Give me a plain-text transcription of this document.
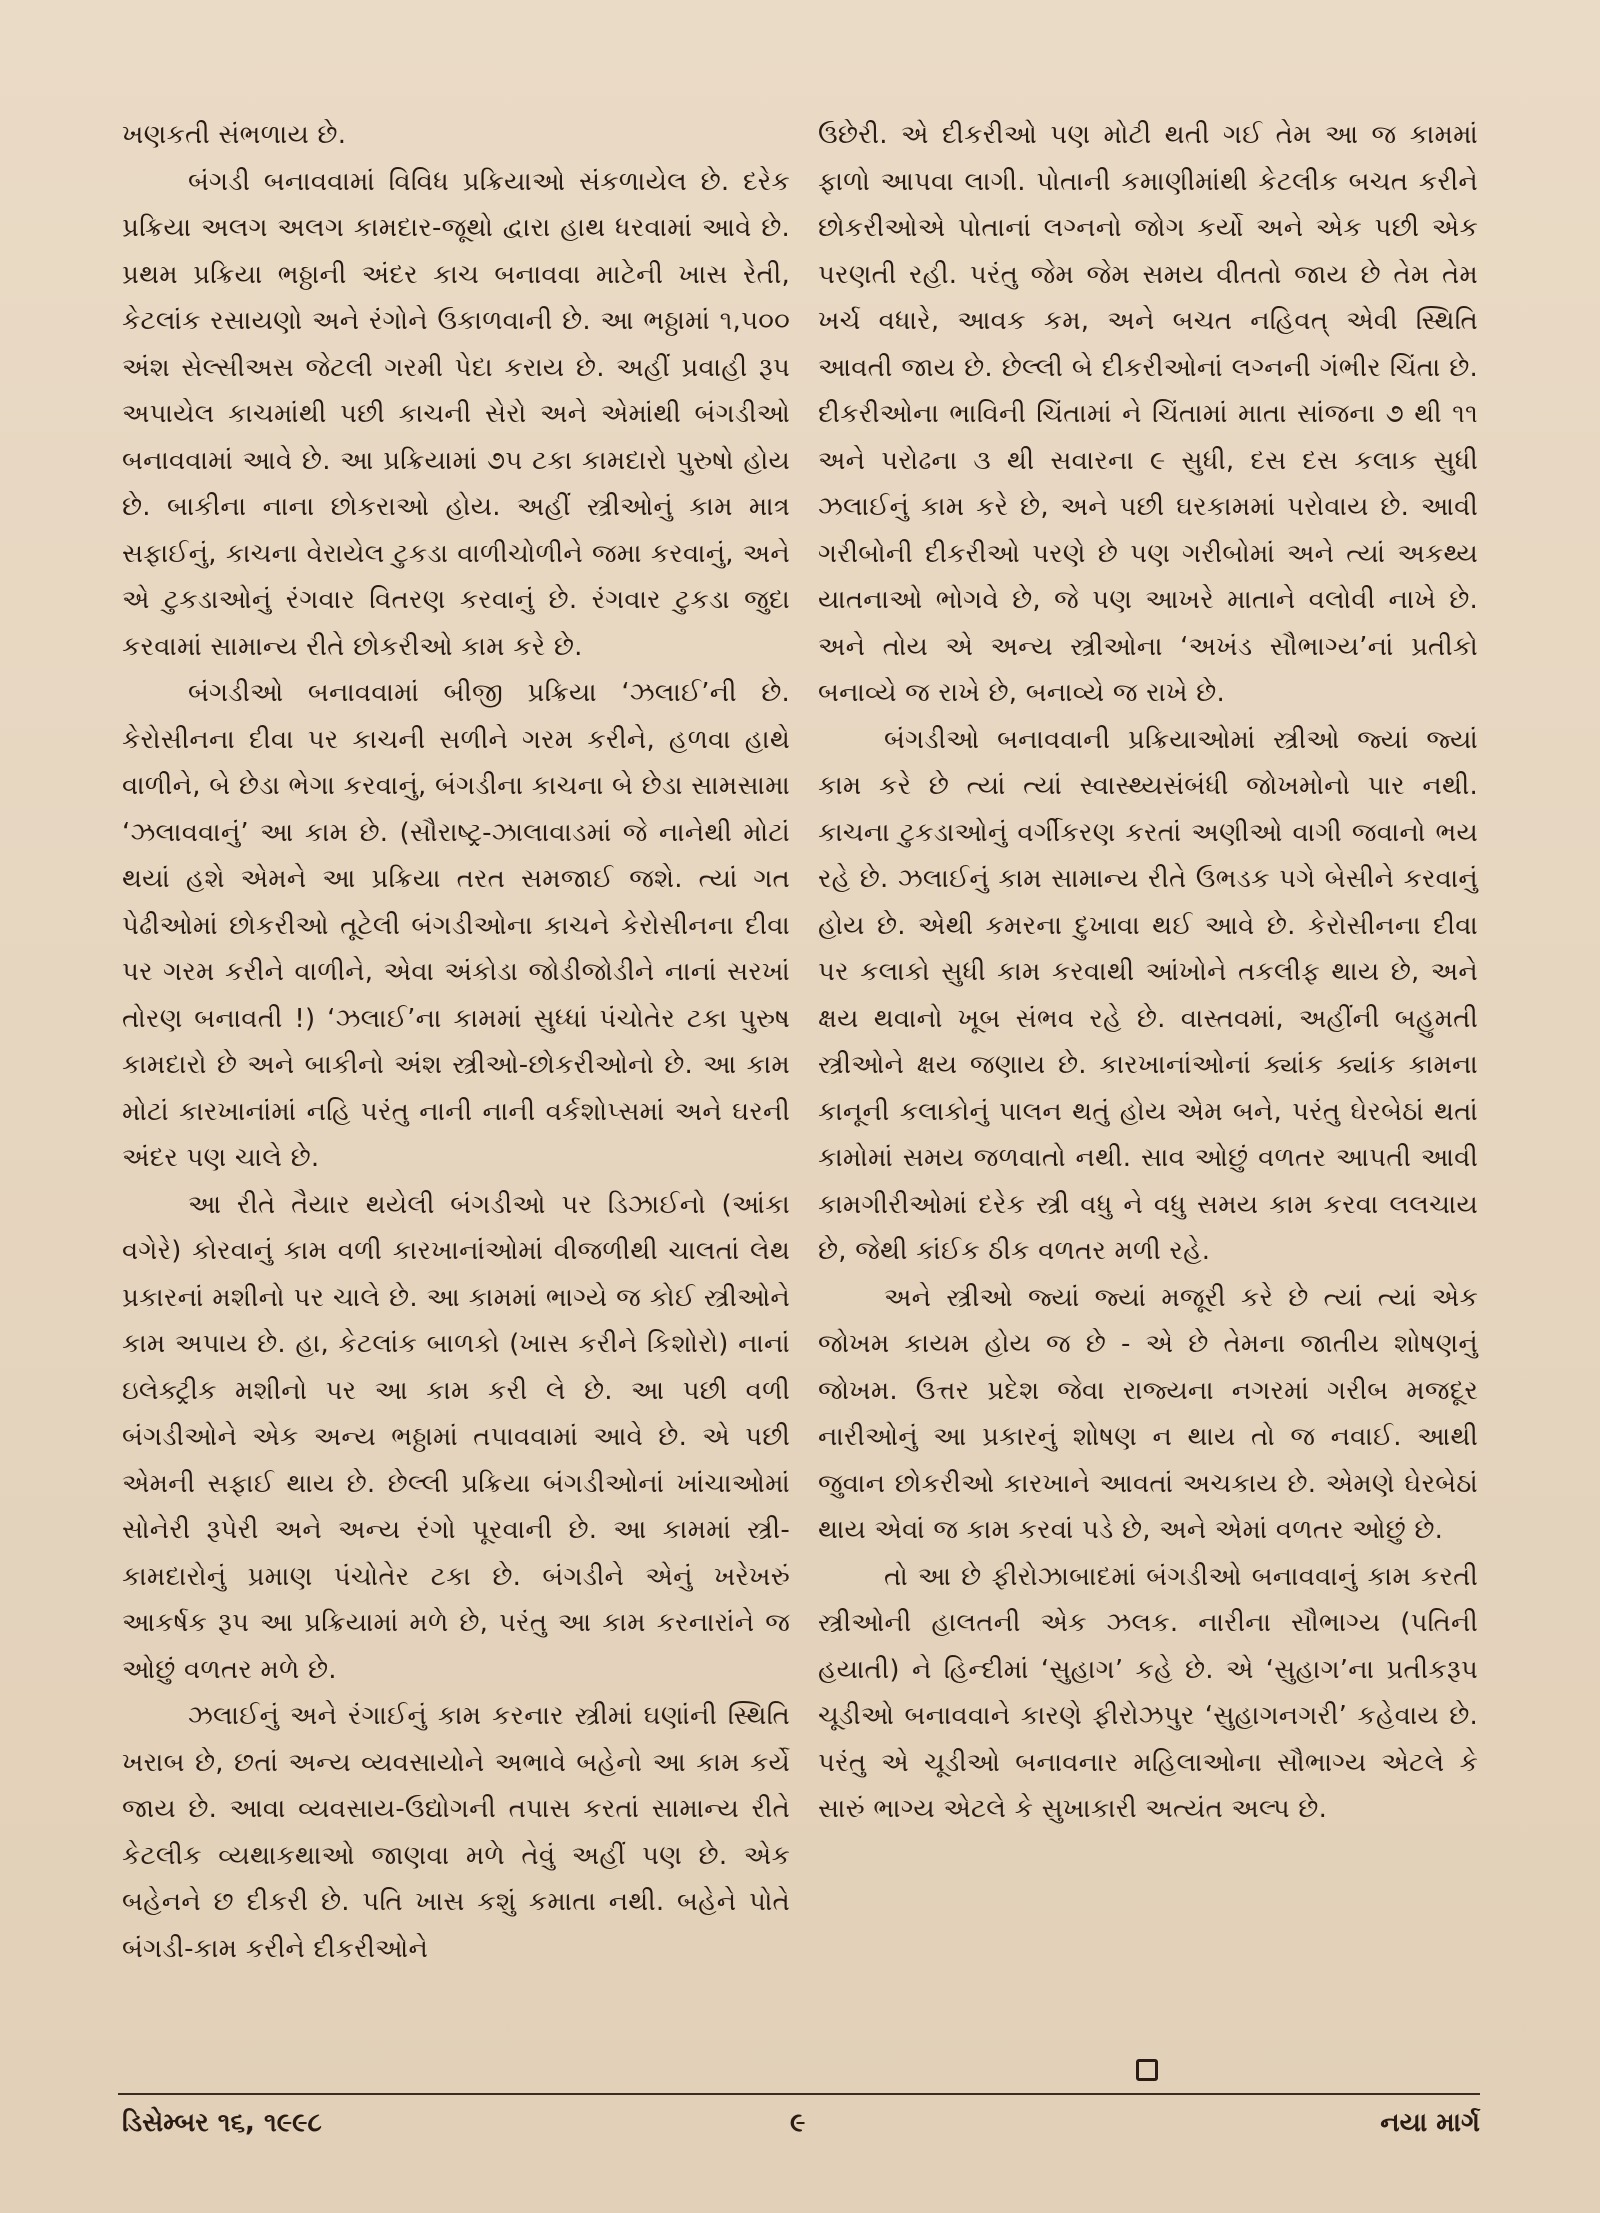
ખણકતી સંભળાય છે.

બંગડી બનાવવામાં વિવિધ પ્રક્રિયાઓ સંકળાયેલ છે. દરેક પ્રક્રિયા અલગ અલગ કામદાર-જૂથો દ્વારા હાથ ધરવામાં આવે છે. પ્રથમ પ્રક્રિયા ભઠ્ઠાની અંદર કાચ બનાવવા માટેની ખાસ રેતી, કેટલાંક રસાયણો અને રંગોને ઉકાળવાની છે. આ ભઠ્ઠામાં ૧,૫૦૦ અંશ સેલ્સીઅસ જેટલી ગરમી પેદા કરાય છે. અહીં પ્રવાહી રૂપ અપાયેલ કાચમાંથી પછી કાચની સેરો અને એમાંથી બંગડીઓ બનાવવામાં આવે છે. આ પ્રક્રિયામાં ૭૫ ટકા કામદારો પુરુષો હોય છે. બાકીના નાના છોકરાઓ હોય. અહીં સ્ત્રીઓનું કામ માત્ર સફાઈનું, કાચના વેરાયેલ ટુકડા વાળીચોળીને જમા કરવાનું, અને એ ટુકડાઓનું રંગવાર વિતરણ કરવાનું છે. રંગવાર ટુકડા જુદા કરવામાં સામાન્ય રીતે છોકરીઓ કામ કરે છે.

બંગડીઓ બનાવવામાં બીજી પ્રક્રિયા ‘ઝલાઈ’ની છે. કેરોસીનના દીવા પર કાચની સળીને ગરમ કરીને, હળવા હાથે વાળીને, બે છેડા ભેગા કરવાનું, બંગડીના કાચના બે છેડા સામસામા ‘ઝલાવવાનું’ આ કામ છે. (સૌરાષ્ટ્ર-ઝાલાવાડમાં જે નાનેથી મોટાં થયાં હશે એમને આ પ્રક્રિયા તરત સમજાઈ જશે. ત્યાં ગત પેઢીઓમાં છોકરીઓ તૂટેલી બંગડીઓના કાચને કેરોસીનના દીવા પર ગરમ કરીને વાળીને, એવા અંકોડા જોડીજોડીને નાનાં સરખાં તોરણ બનાવતી !) ‘ઝલાઈ’ના કામમાં સુધ્ધાં પંચોતેર ટકા પુરુષ કામદારો છે અને બાકીનો અંશ સ્ત્રીઓ-છોકરીઓનો છે. આ કામ મોટાં કારખાનાંમાં નહિ પરંતુ નાની નાની વર્કશોપ્સમાં અને ઘરની અંદર પણ ચાલે છે.

આ રીતે તૈયાર થયેલી બંગડીઓ પર ડિઝાઈનો (આંકા વગેરે) કોરવાનું કામ વળી કારખાનાંઓમાં વીજળીથી ચાલતાં લેથ પ્રકારનાં મશીનો પર ચાલે છે. આ કામમાં ભાગ્યે જ કોઈ સ્ત્રીઓને કામ અપાય છે. હા, કેટલાંક બાળકો (ખાસ કરીને કિશોરો) નાનાં ઇલેક્ટ્રીક મશીનો પર આ કામ કરી લે છે. આ પછી વળી બંગડીઓને એક અન્ય ભઠ્ઠામાં તપાવવામાં આવે છે. એ પછી એમની સફાઈ થાય છે. છેલ્લી પ્રક્રિયા બંગડીઓનાં ખાંચાઓમાં સોનેરી રૂપેરી અને અન્ય રંગો પૂરવાની છે. આ કામમાં સ્ત્રી-કામદારોનું પ્રમાણ પંચોતેર ટકા છે. બંગડીને એનું ખરેખરું આકર્ષક રૂપ આ પ્રક્રિયામાં મળે છે, પરંતુ આ કામ કરનારાંને જ ઓછું વળતર મળે છે.

ઝલાઈનું અને રંગાઈનું કામ કરનાર સ્ત્રીમાં ઘણાંની સ્થિતિ ખરાબ છે, છતાં અન્ય વ્યવસાયોને અભાવે બહેનો આ કામ કર્યે જાય છે. આવા વ્યવસાય-ઉદ્યોગની તપાસ કરતાં સામાન્ય રીતે કેટલીક વ્યથાકથાઓ જાણવા મળે તેવું અહીં પણ છે. એક બહેનને છ દીકરી છે. પતિ ખાસ કશું કમાતા નથી. બહેને પોતે બંગડી-કામ કરીને દીકરીઓને

ઉછેરી. એ દીકરીઓ પણ મોટી થતી ગઈ તેમ આ જ કામમાં ફાળો આપવા લાગી. પોતાની કમાણીમાંથી કેટલીક બચત કરીને છોકરીઓએ પોતાનાં લગ્નનો જોગ કર્યો અને એક પછી એક પરણતી રહી. પરંતુ જેમ જેમ સમય વીતતો જાય છે તેમ તેમ ખર્ચ વધારે, આવક કમ, અને બચત નહિવત્ એવી સ્થિતિ આવતી જાય છે. છેલ્લી બે દીકરીઓનાં લગ્નની ગંભીર ચિંતા છે. દીકરીઓના ભાવિની ચિંતામાં ને ચિંતામાં માતા સાંજના ૭ થી ૧૧ અને પરોઢના ૩ થી સવારના ૯ સુધી, દસ દસ કલાક સુધી ઝલાઈનું કામ કરે છે, અને પછી ઘરકામમાં પરોવાય છે. આવી ગરીબોની દીકરીઓ પરણે છે પણ ગરીબોમાં અને ત્યાં અકથ્ય યાતનાઓ ભોગવે છે, જે પણ આખરે માતાને વલોવી નાખે છે. અને તોય એ અન્ય સ્ત્રીઓના ‘અખંડ સૌભાગ્ય’નાં પ્રતીકો બનાવ્યે જ રાખે છે, બનાવ્યે જ રાખે છે.

બંગડીઓ બનાવવાની પ્રક્રિયાઓમાં સ્ત્રીઓ જ્યાં જ્યાં કામ કરે છે ત્યાં ત્યાં સ્વાસ્થ્યસંબંધી જોખમોનો પાર નથી. કાચના ટુકડાઓનું વર્ગીકરણ કરતાં અણીઓ વાગી જવાનો ભય રહે છે. ઝલાઈનું કામ સામાન્ય રીતે ઉભડક પગે બેસીને કરવાનું હોય છે. એથી કમરના દુખાવા થઈ આવે છે. કેરોસીનના દીવા પર કલાકો સુધી કામ કરવાથી આંખોને તકલીફ થાય છે, અને ક્ષય થવાનો ખૂબ સંભવ રહે છે. વાસ્તવમાં, અહીંની બહુમતી સ્ત્રીઓને ક્ષય જણાય છે. કારખાનાંઓનાં ક્યાંક ક્યાંક કામના કાનૂની કલાકોનું પાલન થતું હોય એમ બને, પરંતુ ઘેરબેઠાં થતાં કામોમાં સમય જળવાતો નથી. સાવ ઓછું વળતર આપતી આવી કામગીરીઓમાં દરેક સ્ત્રી વધુ ને વધુ સમય કામ કરવા લલચાય છે, જેથી કાંઈક ઠીક વળતર મળી રહે.

અને સ્ત્રીઓ જ્યાં જ્યાં મજૂરી કરે છે ત્યાં ત્યાં એક જોખમ કાયમ હોય જ છે - એ છે તેમના જાતીય શોષણનું જોખમ. ઉત્તર પ્રદેશ જેવા રાજ્યના નગરમાં ગરીબ મજદૂર નારીઓનું આ પ્રકારનું શોષણ ન થાય તો જ નવાઈ. આથી જુવાન છોકરીઓ કારખાને આવતાં અચકાય છે. એમણે ઘેરબેઠાં થાય એવાં જ કામ કરવાં પડે છે, અને એમાં વળતર ઓછું છે.

તો આ છે ફીરોઝાબાદમાં બંગડીઓ બનાવવાનું કામ કરતી સ્ત્રીઓની હાલતની એક ઝલક. નારીના સૌભાગ્ય (પતિની હયાતી) ને હિન્દીમાં ‘સુહાગ’ કહે છે. એ ‘સુહાગ’ના પ્રતીકરૂપ ચૂડીઓ બનાવવાને કારણે ફીરોઝપુર ‘સુહાગનગરી’ કહેવાય છે. પરંતુ એ ચૂડીઓ બનાવનાર મહિલાઓના સૌભાગ્ય એટલે કે સારું ભાગ્ય એટલે કે સુખાકારી અત્યંત અલ્પ છે.

ડિસેમ્બર ૧૬, ૧૯૯૮	૯	નયા માર્ગ
